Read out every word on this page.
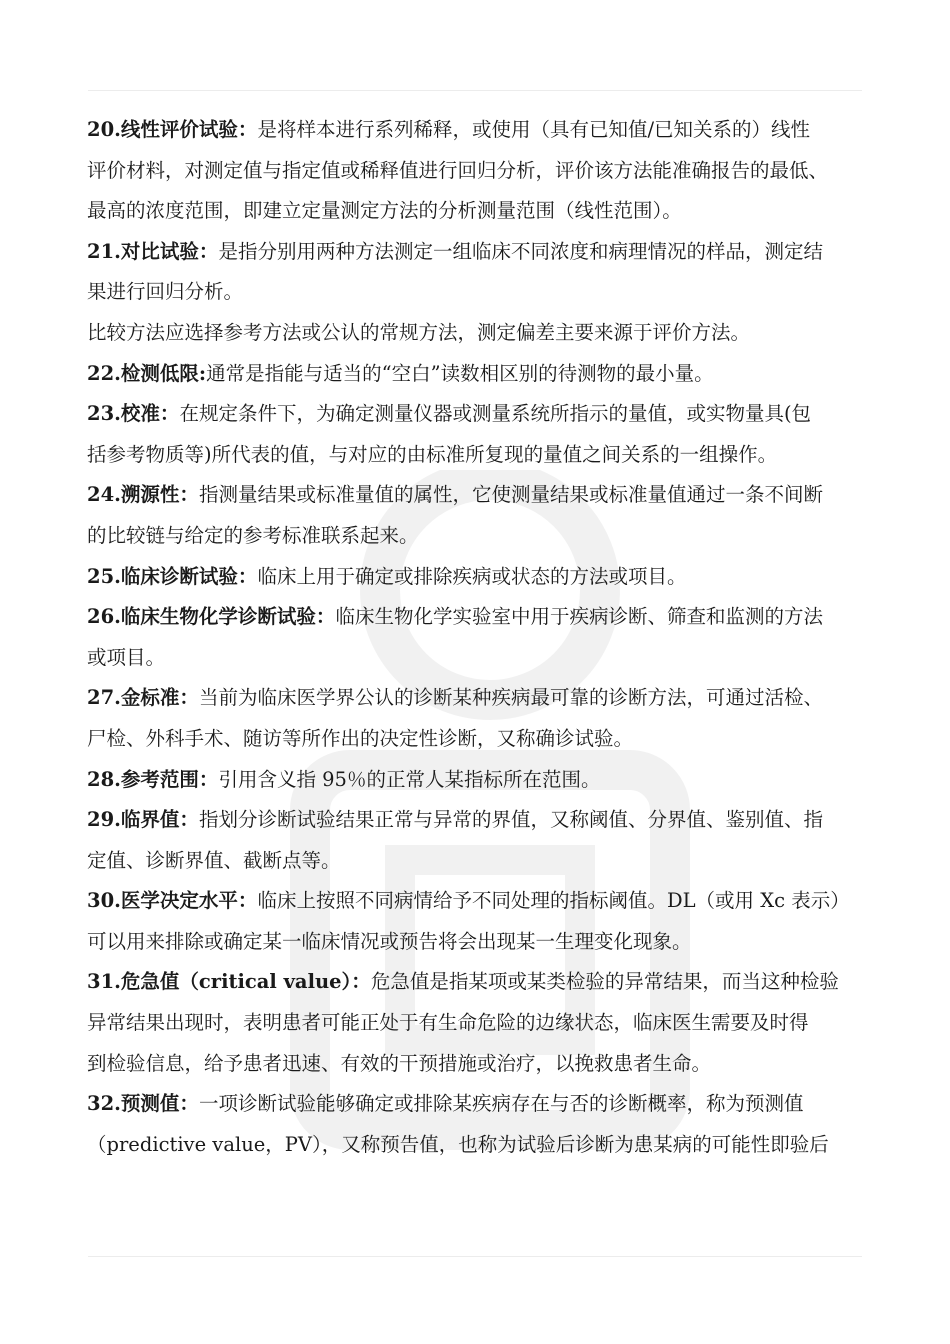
20.线性评价试验：是将样本进行系列稀释，或使用（具有已知值/已知关系的）线性
评价材料，对测定值与指定值或稀释值进行回归分析，评价该方法能准确报告的最低、
最高的浓度范围，即建立定量测定方法的分析测量范围（线性范围）。
21.对比试验：是指分别用两种方法测定一组临床不同浓度和病理情况的样品，测定结
果进行回归分析。
比较方法应选择参考方法或公认的常规方法，测定偏差主要来源于评价方法。
22.检测低限:通常是指能与适当的“空白”读数相区别的待测物的最小量。
23.校准：在规定条件下，为确定测量仪器或测量系统所指示的量值，或实物量具(包
括参考物质等)所代表的值，与对应的由标准所复现的量值之间关系的一组操作。
24.溯源性：指测量结果或标准量值的属性，它使测量结果或标准量值通过一条不间断
的比较链与给定的参考标准联系起来。
25.临床诊断试验：临床上用于确定或排除疾病或状态的方法或项目。
26.临床生物化学诊断试验：临床生物化学实验室中用于疾病诊断、筛查和监测的方法
或项目。
27.金标准：当前为临床医学界公认的诊断某种疾病最可靠的诊断方法，可通过活检、
尸检、外科手术、随访等所作出的决定性诊断，又称确诊试验。
28.参考范围：引用含义指 95％的正常人某指标所在范围。
29.临界值：指划分诊断试验结果正常与异常的界值，又称阈值、分界值、鉴别值、指
定值、诊断界值、截断点等。
30.医学决定水平：临床上按照不同病情给予不同处理的指标阈值。DL（或用 Xc 表示）
可以用来排除或确定某一临床情况或预告将会出现某一生理变化现象。
31.危急值（critical value）：危急值是指某项或某类检验的异常结果，而当这种检验
异常结果出现时，表明患者可能正处于有生命危险的边缘状态，临床医生需要及时得
到检验信息，给予患者迅速、有效的干预措施或治疗，以挽救患者生命。
32.预测值：一项诊断试验能够确定或排除某疾病存在与否的诊断概率，称为预测值
（predictive value，PV），又称预告值，也称为试验后诊断为患某病的可能性即验后
